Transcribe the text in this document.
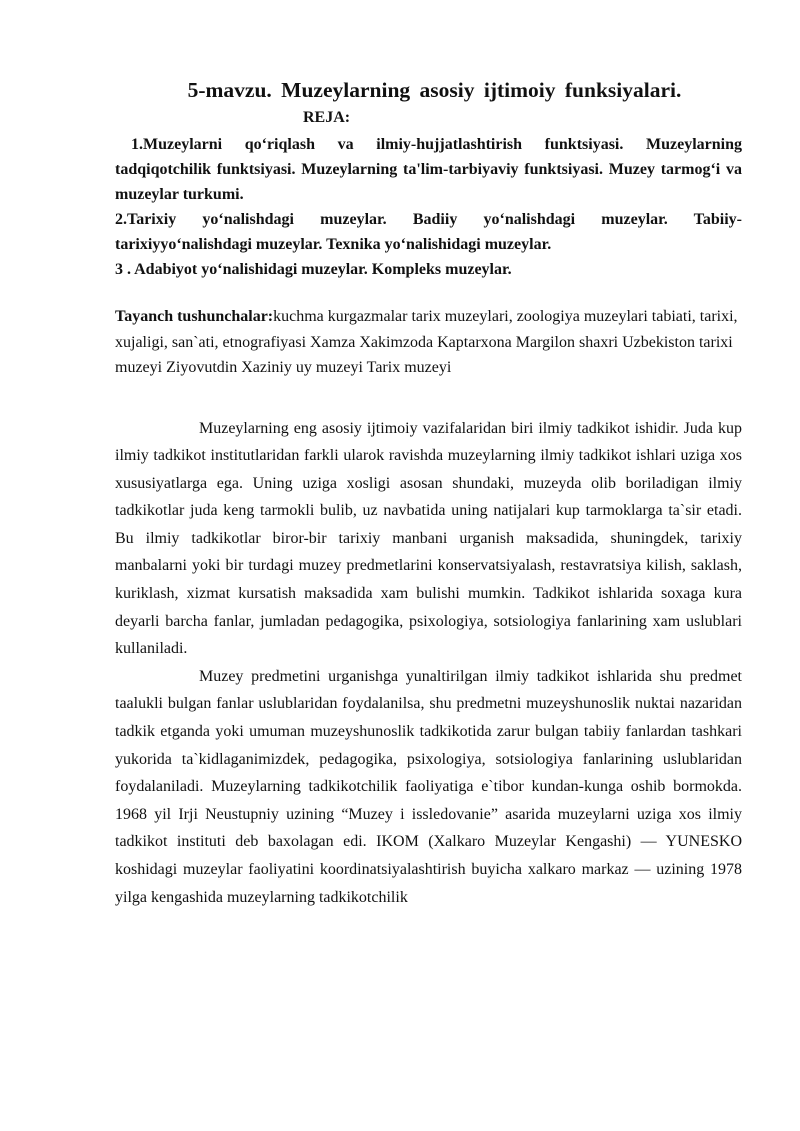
5-mavzu. Muzeylarning asosiy ijtimoiy funksiyalari.
REJA:

1.Muzeylarni qo‘riqlash va ilmiy-hujjatlashtirish funktsiyasi. Muzeylarning tadqiqotchilik funktsiyasi. Muzeylarning ta'lim-tarbiyaviy funktsiyasi. Muzey tarmog‘i va muzeylar turkumi.

2.Tarixiy yo‘nalishdagi muzeylar. Badiiy yo‘nalishdagi muzeylar. Tabiiy-tarixiyyo‘nalishdagi muzeylar. Texnika yo‘nalishidagi muzeylar.

3 . Adabiyot yo‘nalishidagi muzeylar. Kompleks muzeylar.

Tayanch tushunchalar:kuchma kurgazmalar tarix muzeylari, zoologiya muzeylari tabiati, tarixi, xujaligi, san`ati, etnografiyasi Xamza Xakimzoda Kaptarxona Margilon shaxri Uzbekiston tarixi muzeyi Ziyovutdin Xaziniy uy muzeyi Tarix muzeyi

Muzeylarning eng asosiy ijtimoiy vazifalaridan biri ilmiy tadkikot ishidir. Juda kup ilmiy tadkikot institutlaridan farkli ularok ravishda muzeylarning ilmiy tadkikot ishlari uziga xos xususiyatlarga ega. Uning uziga xosligi asosan shundaki, muzeyda olib boriladigan ilmiy tadkikotlar juda keng tarmokli bulib, uz navbatida uning natijalari kup tarmoklarga ta`sir etadi. Bu ilmiy tadkikotlar biror-bir tarixiy manbani urganish maksadida, shuningdek, tarixiy manbalarni yoki bir turdagi muzey predmetlarini konservatsiyalash, restavratsiya kilish, saklash, kuriklash, xizmat kursatish maksadida xam bulishi mumkin. Tadkikot ishlarida soxaga kura deyarli barcha fanlar, jumladan pedagogika, psixologiya, sotsiologiya fanlarining xam uslublari kullaniladi.

Muzey predmetini urganishga yunaltirilgan ilmiy tadkikot ishlarida shu predmet taalukli bulgan fanlar uslublaridan foydalanilsa, shu predmetni muzeyshunoslik nuktai nazaridan tadkik etganda yoki umuman muzeyshunoslik tadkikotida zarur bulgan tabiiy fanlardan tashkari yukorida ta`kidlaganimizdek, pedagogika, psixologiya, sotsiologiya fanlarining uslublaridan foydalaniladi. Muzeylarning tadkikotchilik faoliyatiga e`tibor kundan-kunga oshib bormokda. 1968 yil Irji Neustupniy uzining “Muzey i issledovanie” asarida muzeylarni uziga xos ilmiy tadkikot instituti deb baxolagan edi. IKOM (Xalkaro Muzeylar Kengashi) — YUNESKO koshidagi muzeylar faoliyatini koordinatsiyalashtirish buyicha xalkaro markaz — uzining 1978 yilga kengashida muzeylarning tadkikotchilik
